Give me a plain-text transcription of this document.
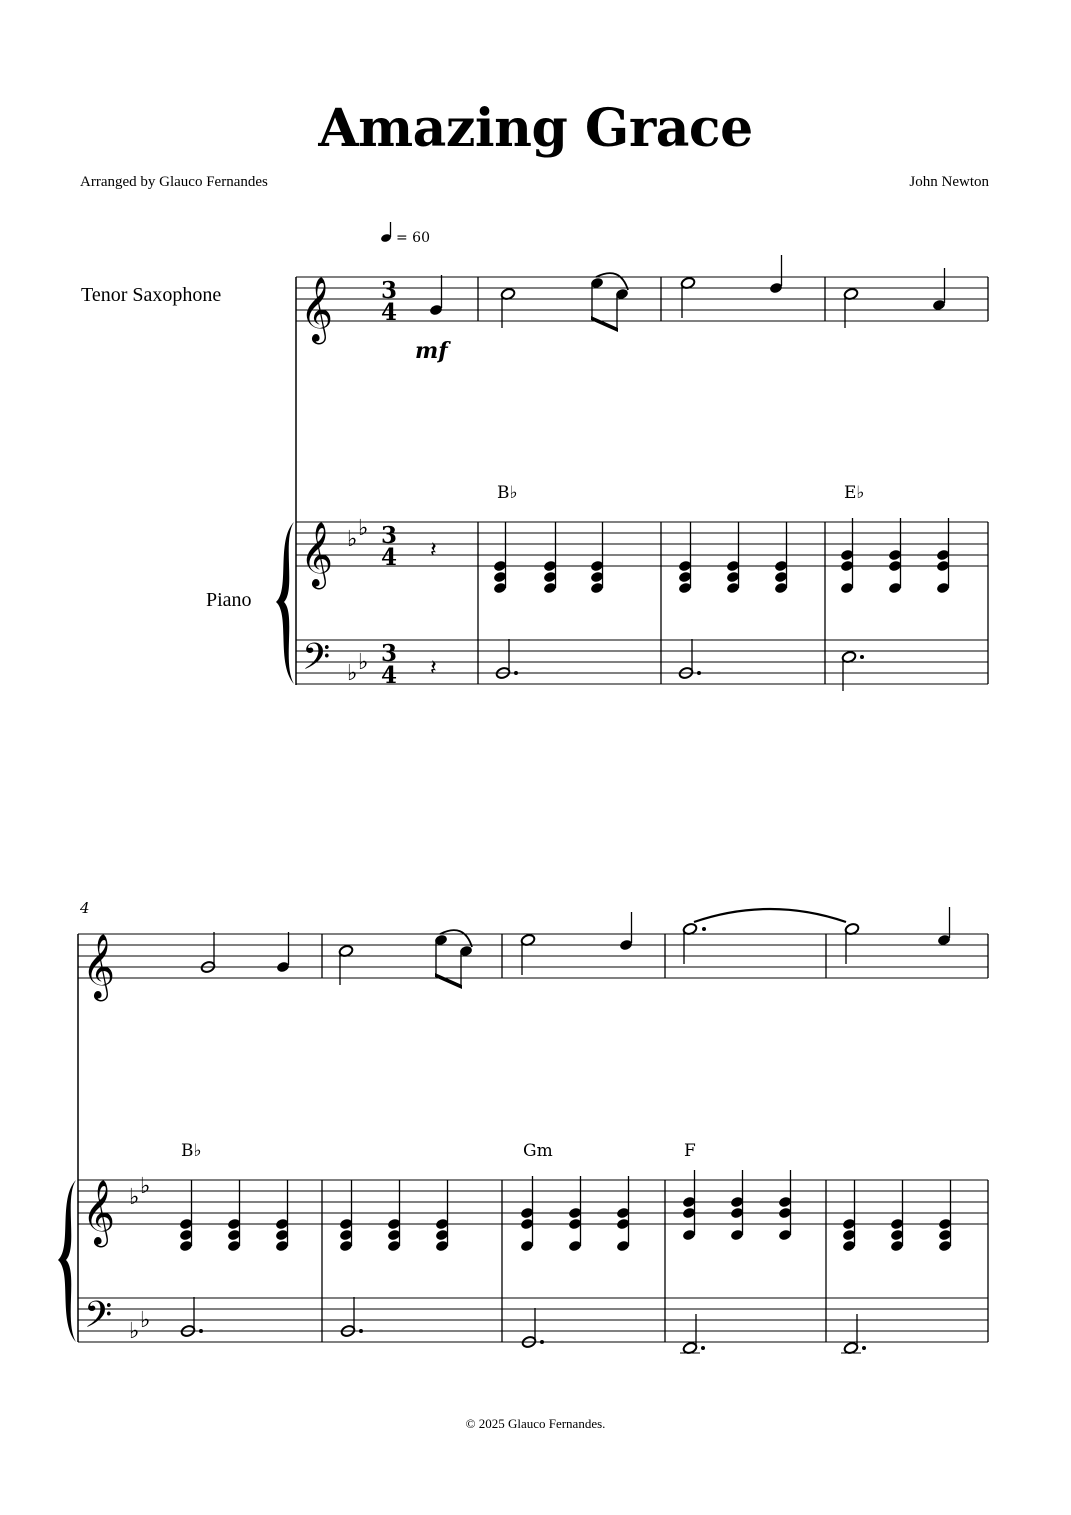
Amazing Grace
Arranged by Glauco Fernandes	John Newton
Tenor Saxophone
Piano
= 60
𝄞 3
4
mf
B♭	E♭
𝄞
𝄢
♭ ♭
♭ ♭
3
4
3
4
𝄽
𝄽
4
𝄞
B♭	Gm	F
𝄞
𝄢
♭ ♭
♭ ♭
© 2025 Glauco Fernandes.
